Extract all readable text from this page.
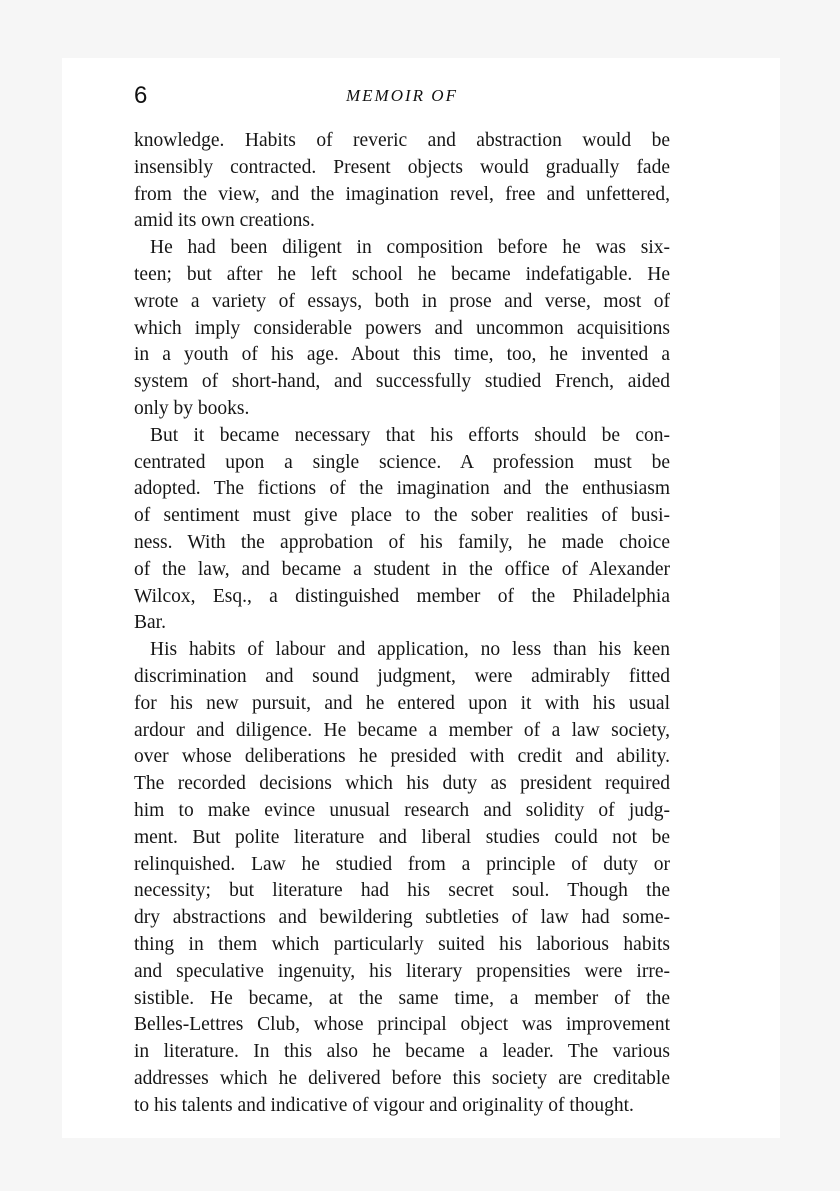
6	MEMOIR OF
knowledge. Habits of reveric and abstraction would be
insensibly contracted. Present objects would gradually fade
from the view, and the imagination revel, free and unfettered,
amid its own creations.
He had been diligent in composition before he was six-
teen; but after he left school he became indefatigable. He
wrote a variety of essays, both in prose and verse, most of
which imply considerable powers and uncommon acquisitions
in a youth of his age. About this time, too, he invented a
system of short-hand, and successfully studied French, aided
only by books.
But it became necessary that his efforts should be con-
centrated upon a single science. A profession must be
adopted. The fictions of the imagination and the enthusiasm
of sentiment must give place to the sober realities of busi-
ness. With the approbation of his family, he made choice
of the law, and became a student in the office of Alexander
Wilcox, Esq., a distinguished member of the Philadelphia
Bar.
His habits of labour and application, no less than his keen
discrimination and sound judgment, were admirably fitted
for his new pursuit, and he entered upon it with his usual
ardour and diligence. He became a member of a law society,
over whose deliberations he presided with credit and ability.
The recorded decisions which his duty as president required
him to make evince unusual research and solidity of judg-
ment. But polite literature and liberal studies could not be
relinquished. Law he studied from a principle of duty or
necessity; but literature had his secret soul. Though the
dry abstractions and bewildering subtleties of law had some-
thing in them which particularly suited his laborious habits
and speculative ingenuity, his literary propensities were irre-
sistible. He became, at the same time, a member of the
Belles-Lettres Club, whose principal object was improvement
in literature. In this also he became a leader. The various
addresses which he delivered before this society are creditable
to his talents and indicative of vigour and originality of thought.
